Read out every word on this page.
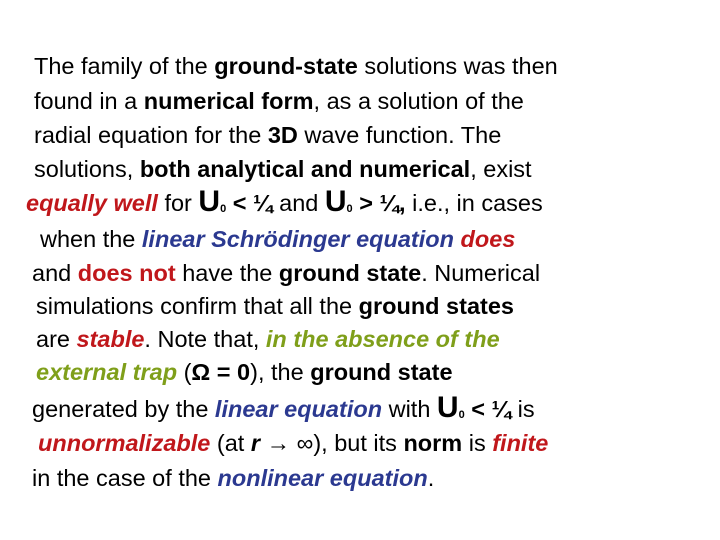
The family of the ground-state solutions was then
found in a numerical form, as a solution of the
radial equation for the 3D wave function. The
solutions, both analytical and numerical, exist
equally well for $U_0$ < ¼ and $U_0$ > ¼, i.e., in cases
when the linear Schrödinger equation does
and does not have the ground state. Numerical
simulations confirm that all the ground states
are stable. Note that, in the absence of the
external trap (Ω = 0), the ground state
generated by the linear equation with $U_0$ < ¼ is
unnormalizable (at r → ∞), but its norm is finite
in the case of the nonlinear equation.
